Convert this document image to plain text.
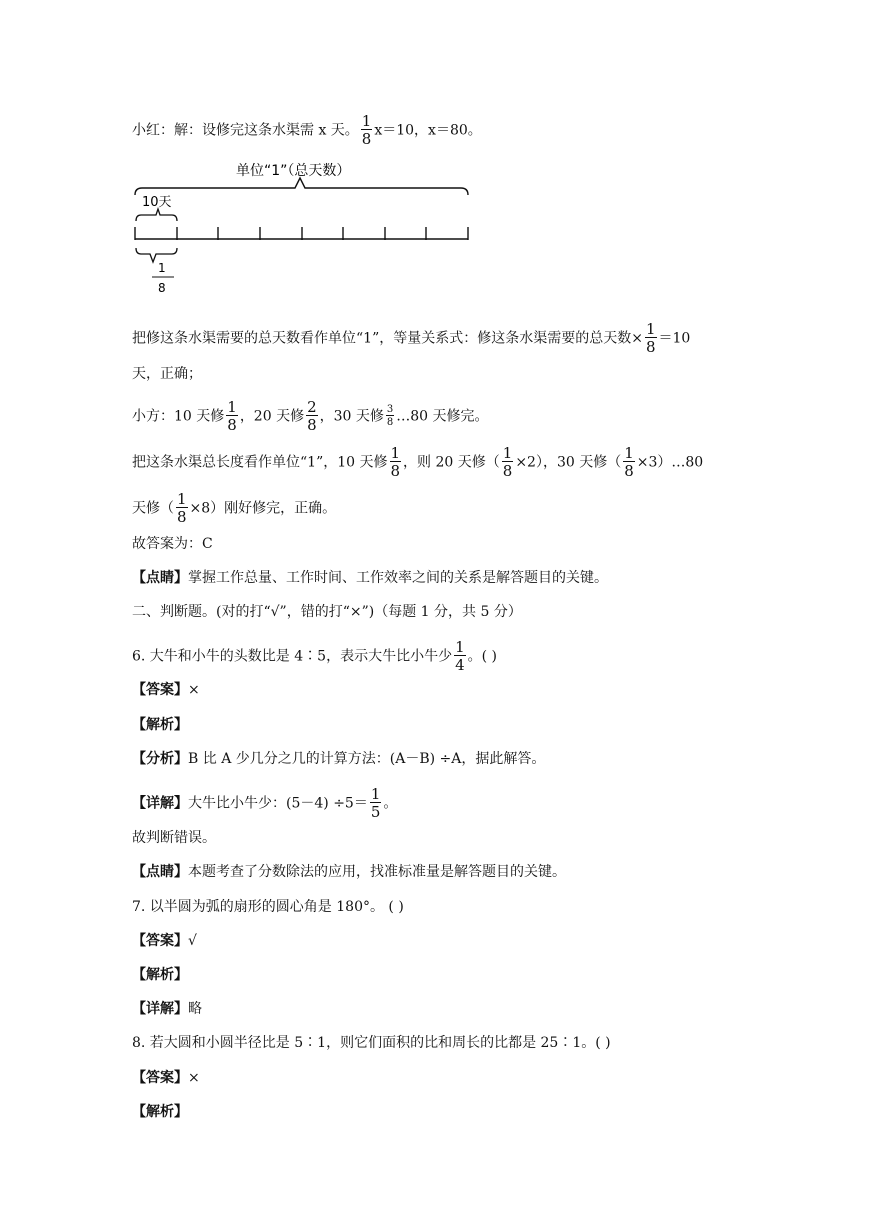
小红：解：设修完这条水渠需 x 天。 $\frac{1}{8} x=10$，x＝80。
单位“1”（总天数）
10天
1
8
把修这条水渠需要的总天数看作单位“1”，等量关系式：修这条水渠需要的总天数× $\frac{1}{8} =10$
天，正确；
小方：10 天修 $\frac{1}{8}$ ，20 天修 $\frac{2}{8}$ ，30 天修 $\frac{3}{8}$ …80 天修完。
把这条水渠总长度看作单位“1”，10 天修 $\frac{1}{8}$ ，则 20 天修（ $\frac{1}{8} \times 2$），30 天修（ $\frac{1}{8}$ ×3）…80
天修（ $\frac{1}{8} \times 8$）刚好修完，正确。
故答案为：C
【点睛】掌握工作总量、工作时间、工作效率之间的关系是解答题目的关键。
二、判断题。(对的打“√”，错的打“×”)（每题 1 分，共 5 分）
6. 大牛和小牛的头数比是 4∶5，表示大牛比小牛少 $\frac{1}{4}$ 。( )
【答案】×
【解析】
【分析】B 比 A 少几分之几的计算方法：(A－B) ÷A，据此解答。
【详解】大牛比小牛少：$(5-4) \div 5= \frac{1}{5}$ 。
故判断错误。
【点睛】本题考查了分数除法的应用，找准标准量是解答题目的关键。
7. 以半圆为弧的扇形的圆心角是 180°。 ( )
【答案】√
【解析】
【详解】略
8. 若大圆和小圆半径比是 5∶1，则它们面积的比和周长的比都是 25∶1。( )
【答案】×
【解析】
